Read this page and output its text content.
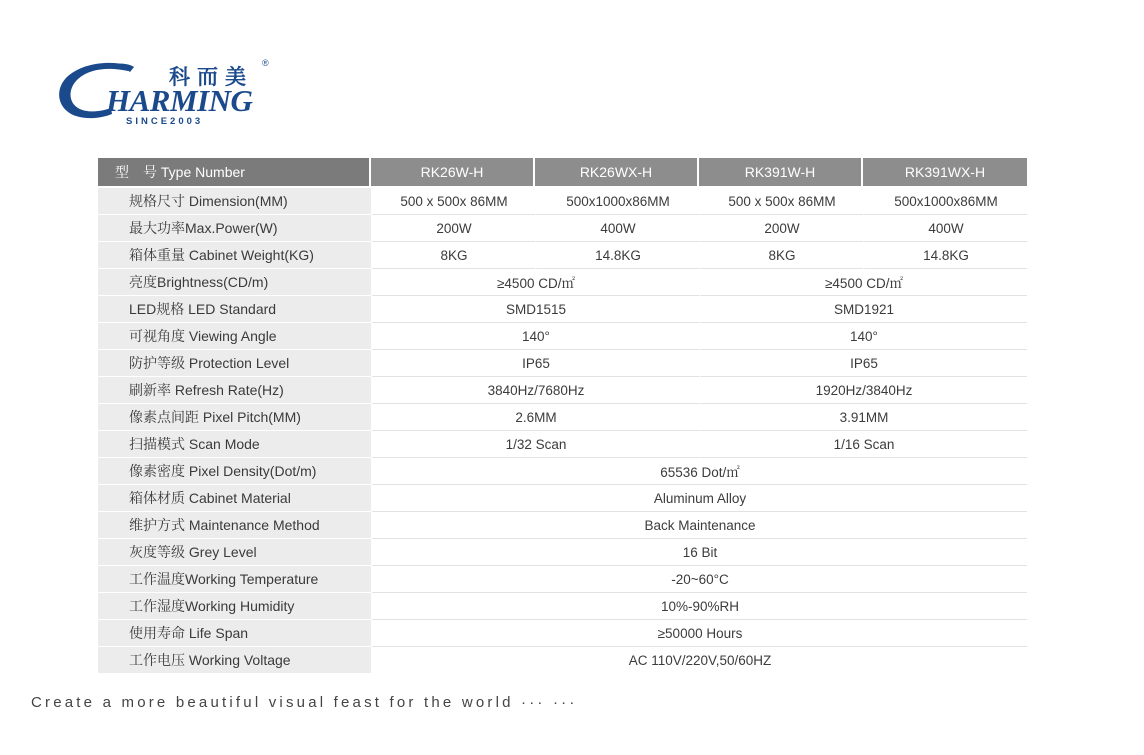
科而美
®
HARMING
SINCE2003
型　号 Type Number	RK26W-H	RK26WX-H	RK391W-H	RK391WX-H
规格尺寸 Dimension(MM)	500 x 500x 86MM	500x1000x86MM	500 x 500x 86MM	500x1000x86MM
最大功率Max.Power(W)	200W	400W	200W	400W
箱体重量 Cabinet Weight(KG)	8KG	14.8KG	8KG	14.8KG
亮度Brightness(CD/m)	≥4500 CD/㎡		≥4500 CD/㎡	
LED规格 LED Standard	SMD1515		SMD1921	
可视角度 Viewing Angle	140°		140°	
防护等级 Protection Level	IP65		IP65	
刷新率 Refresh Rate(Hz)	3840Hz/7680Hz		1920Hz/3840Hz	
像素点间距 Pixel Pitch(MM)	2.6MM		3.91MM	
扫描模式 Scan Mode	1/32 Scan		1/16 Scan	
像素密度 Pixel Density(Dot/m)	65536 Dot/㎡			
箱体材质 Cabinet Material	Aluminum Alloy			
维护方式 Maintenance Method	Back Maintenance			
灰度等级 Grey Level	16 Bit			
工作温度Working Temperature	-20~60°C			
工作湿度Working Humidity	10%-90%RH			
使用寿命 Life Span	≥50000 Hours			
工作电压 Working Voltage	AC 110V/220V,50/60HZ			
Create a more beautiful visual feast for the world ··· ···
